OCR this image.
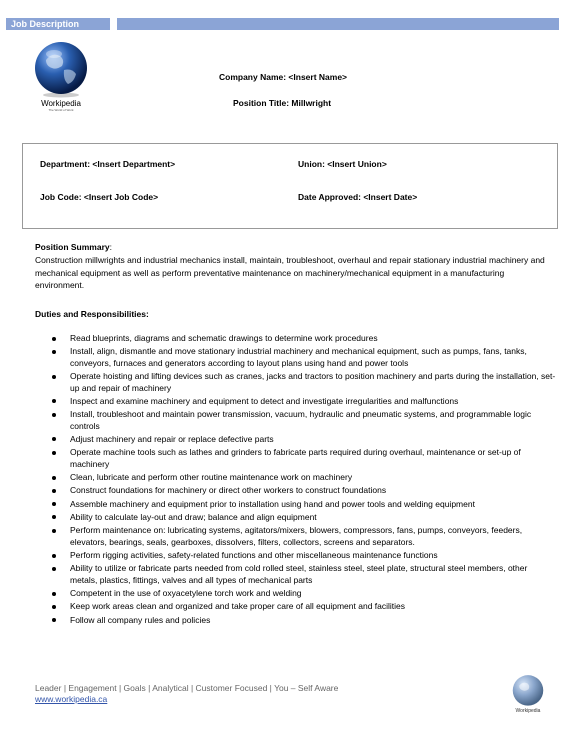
Job Description
Workipedia
The World of Work
Company Name: <Insert Name>
Position Title: Millwright
Department: <Insert Department>	Union: <Insert Union>
Job Code: <Insert Job Code>	Date Approved: <Insert Date>
Position Summary:
Construction millwrights and industrial mechanics install, maintain, troubleshoot, overhaul and repair stationary industrial machinery and mechanical equipment as well as perform preventative maintenance on machinery/mechanical equipment in a manufacturing environment.
Duties and Responsibilities:
Read blueprints, diagrams and schematic drawings to determine work procedures
Install, align, dismantle and move stationary industrial machinery and mechanical equipment, such as pumps, fans, tanks, conveyors, furnaces and generators according to layout plans using hand and power tools
Operate hoisting and lifting devices such as cranes, jacks and tractors to position machinery and parts during the installation, set-up and repair of machinery
Inspect and examine machinery and equipment to detect and investigate irregularities and malfunctions
Install, troubleshoot and maintain power transmission, vacuum, hydraulic and pneumatic systems, and programmable logic controls
Adjust machinery and repair or replace defective parts
Operate machine tools such as lathes and grinders to fabricate parts required during overhaul, maintenance or set-up of machinery
Clean, lubricate and perform other routine maintenance work on machinery
Construct foundations for machinery or direct other workers to construct foundations
Assemble machinery and equipment prior to installation using hand and power tools and welding equipment
Ability to calculate lay-out and draw; balance and align equipment
Perform maintenance on: lubricating systems, agitators/mixers, blowers, compressors, fans, pumps, conveyors, feeders, elevators, bearings, seals, gearboxes, dissolvers, filters, collectors, screens and separators.
Perform rigging activities, safety-related functions and other miscellaneous maintenance functions
Ability to utilize or fabricate parts needed from cold rolled steel, stainless steel, steel plate, structural steel members, other metals, plastics, fittings, valves and all types of mechanical parts
Competent in the use of oxyacetylene torch work and welding
Keep work areas clean and organized and take proper care of all equipment and facilities
Follow all company rules and policies
Leader | Engagement | Goals | Analytical | Customer Focused | You – Self Aware
www.workipedia.ca
Workipedia
